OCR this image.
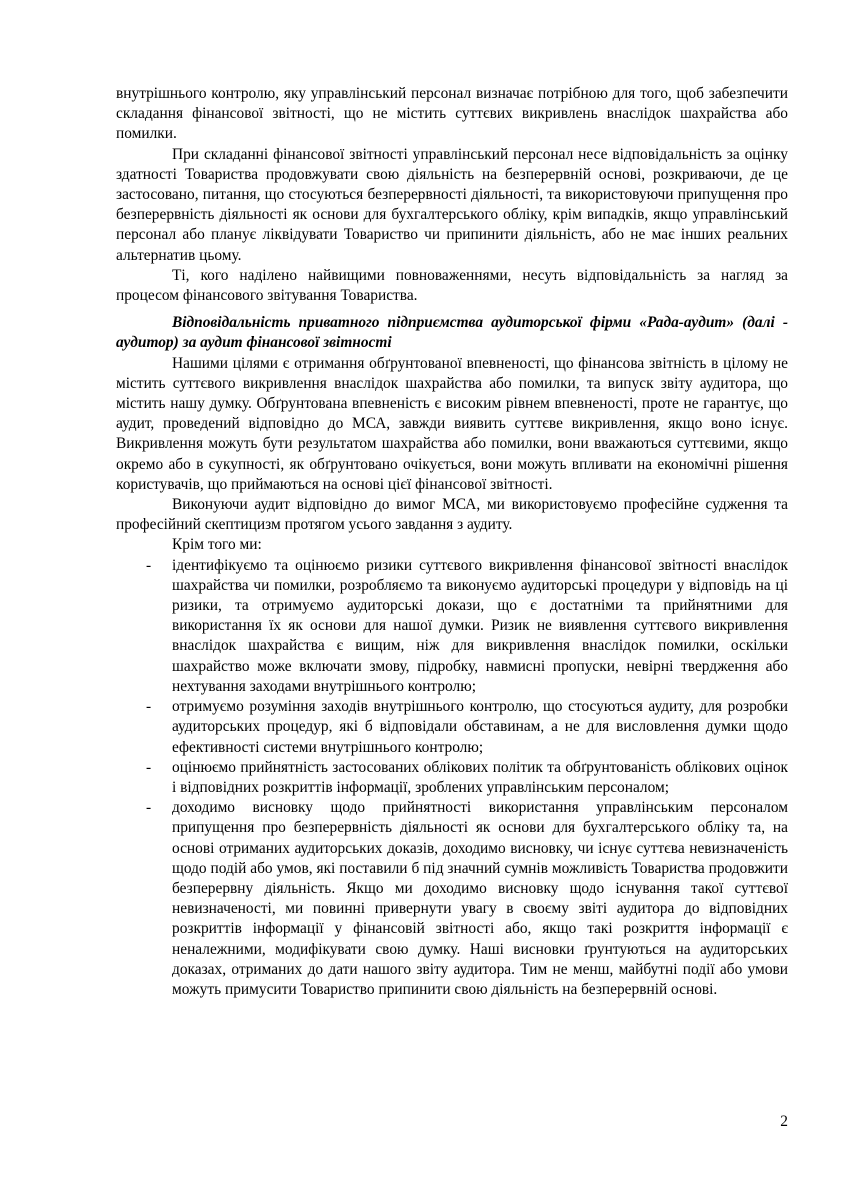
внутрішнього контролю, яку управлінський персонал визначає потрібною для того, щоб забезпечити складання фінансової звітності, що не містить суттєвих викривлень внаслідок шахрайства або помилки.

При складанні фінансової звітності управлінський персонал несе відповідальність за оцінку здатності Товариства продовжувати свою діяльність на безперервній основі, розкриваючи, де це застосовано, питання, що стосуються безперервності діяльності, та використовуючи припущення про безперервність діяльності як основи для бухгалтерського обліку, крім випадків, якщо управлінський персонал або планує ліквідувати Товариство чи припинити діяльність, або не має інших реальних альтернатив цьому.

Ті, кого наділено найвищими повноваженнями, несуть відповідальність за нагляд за процесом фінансового звітування Товариства.

Відповідальність приватного підприємства аудиторської фірми «Рада-аудит» (далі - аудитор) за аудит фінансової звітності

Нашими цілями є отримання обґрунтованої впевненості, що фінансова звітність в цілому не містить суттєвого викривлення внаслідок шахрайства або помилки, та випуск звіту аудитора, що містить нашу думку. Обґрунтована впевненість є високим рівнем впевненості, проте не гарантує, що аудит, проведений відповідно до МСА, завжди виявить суттєве викривлення, якщо воно існує. Викривлення можуть бути результатом шахрайства або помилки, вони вважаються суттєвими, якщо окремо або в сукупності, як обґрунтовано очікується, вони можуть впливати на економічні рішення користувачів, що приймаються на основі цієї фінансової звітності.

Виконуючи аудит відповідно до вимог МСА, ми використовуємо професійне судження та професійний скептицизм протягом усього завдання з аудиту.

Крім того ми:

- ідентифікуємо та оцінюємо ризики суттєвого викривлення фінансової звітності внаслідок шахрайства чи помилки, розробляємо та виконуємо аудиторські процедури у відповідь на ці ризики, та отримуємо аудиторські докази, що є достатніми та прийнятними для використання їх як основи для нашої думки. Ризик не виявлення суттєвого викривлення внаслідок шахрайства є вищим, ніж для викривлення внаслідок помилки, оскільки шахрайство може включати змову, підробку, навмисні пропуски, невірні твердження або нехтування заходами внутрішнього контролю;
- отримуємо розуміння заходів внутрішнього контролю, що стосуються аудиту, для розробки аудиторських процедур, які б відповідали обставинам, а не для висловлення думки щодо ефективності системи внутрішнього контролю;
- оцінюємо прийнятність застосованих облікових політик та обґрунтованість облікових оцінок і відповідних розкриттів інформації, зроблених управлінським персоналом;
- доходимо висновку щодо прийнятності використання управлінським персоналом припущення про безперервність діяльності як основи для бухгалтерського обліку та, на основі отриманих аудиторських доказів, доходимо висновку, чи існує суттєва невизначеність щодо подій або умов, які поставили б під значний сумнів можливість Товариства продовжити безперервну діяльність. Якщо ми доходимо висновку щодо існування такої суттєвої невизначеності, ми повинні привернути увагу в своєму звіті аудитора до відповідних розкриттів інформації у фінансовій звітності або, якщо такі розкриття інформації є неналежними, модифікувати свою думку. Наші висновки ґрунтуються на аудиторських доказах, отриманих до дати нашого звіту аудитора. Тим не менш, майбутні події або умови можуть примусити Товариство припинити свою діяльність на безперервній основі.
2
